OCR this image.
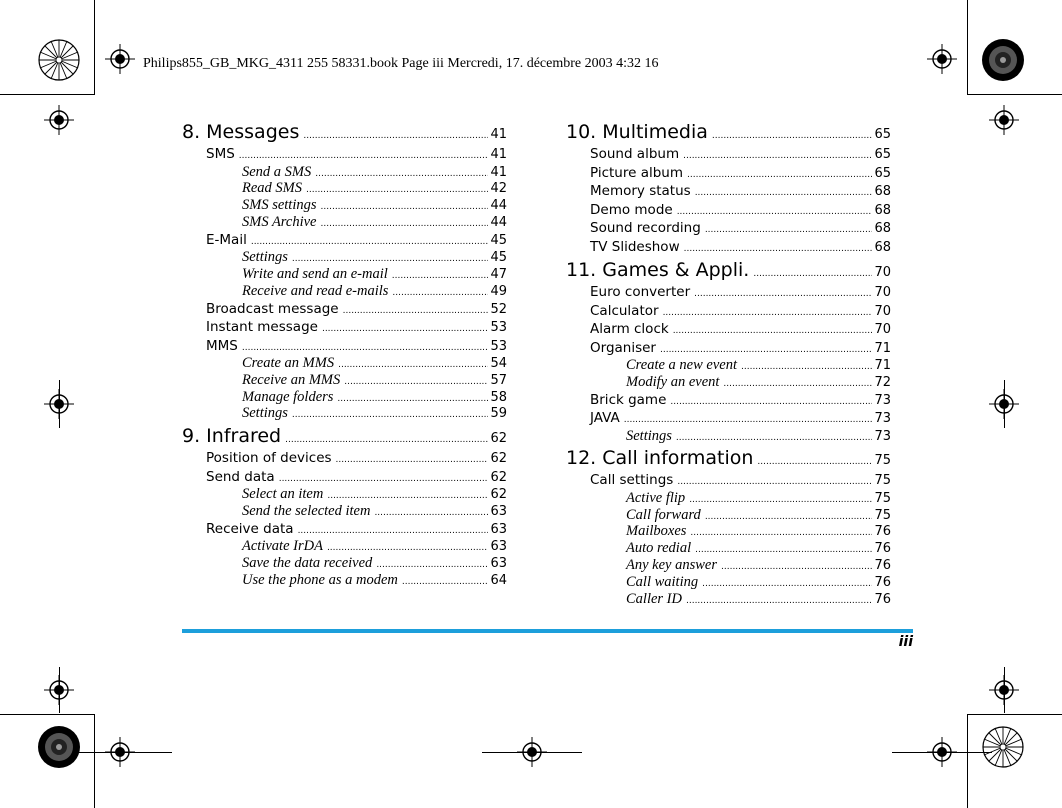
Philips855_GB_MKG_4311 255 58331.book Page iii Mercredi, 17. décembre 2003 4:32 16
8. Messages .....	41
SMS .....	41
Send a SMS .....	41
Read SMS .....	42
SMS settings .....	44
SMS Archive .....	44
E-Mail .....	45
Settings .....	45
Write and send an e-mail .....	47
Receive and read e-mails .....	49
Broadcast message .....	52
Instant message .....	53
MMS .....	53
Create an MMS .....	54
Receive an MMS .....	57
Manage folders .....	58
Settings .....	59
9. Infrared .....	62
Position of devices .....	62
Send data .....	62
Select an item .....	62
Send the selected item .....	63
Receive data .....	63
Activate IrDA .....	63
Save the data received .....	63
Use the phone as a modem .....	64
10. Multimedia .....	65
Sound album .....	65
Picture album .....	65
Memory status .....	68
Demo mode .....	68
Sound recording .....	68
TV Slideshow .....	68
11. Games & Appli. .....	70
Euro converter .....	70
Calculator .....	70
Alarm clock .....	70
Organiser .....	71
Create a new event .....	71
Modify an event .....	72
Brick game .....	73
JAVA .....	73
Settings .....	73
12. Call information .....	75
Call settings .....	75
Active flip .....	75
Call forward .....	75
Mailboxes .....	76
Auto redial .....	76
Any key answer .....	76
Call waiting .....	76
Caller ID .....	76
iii
